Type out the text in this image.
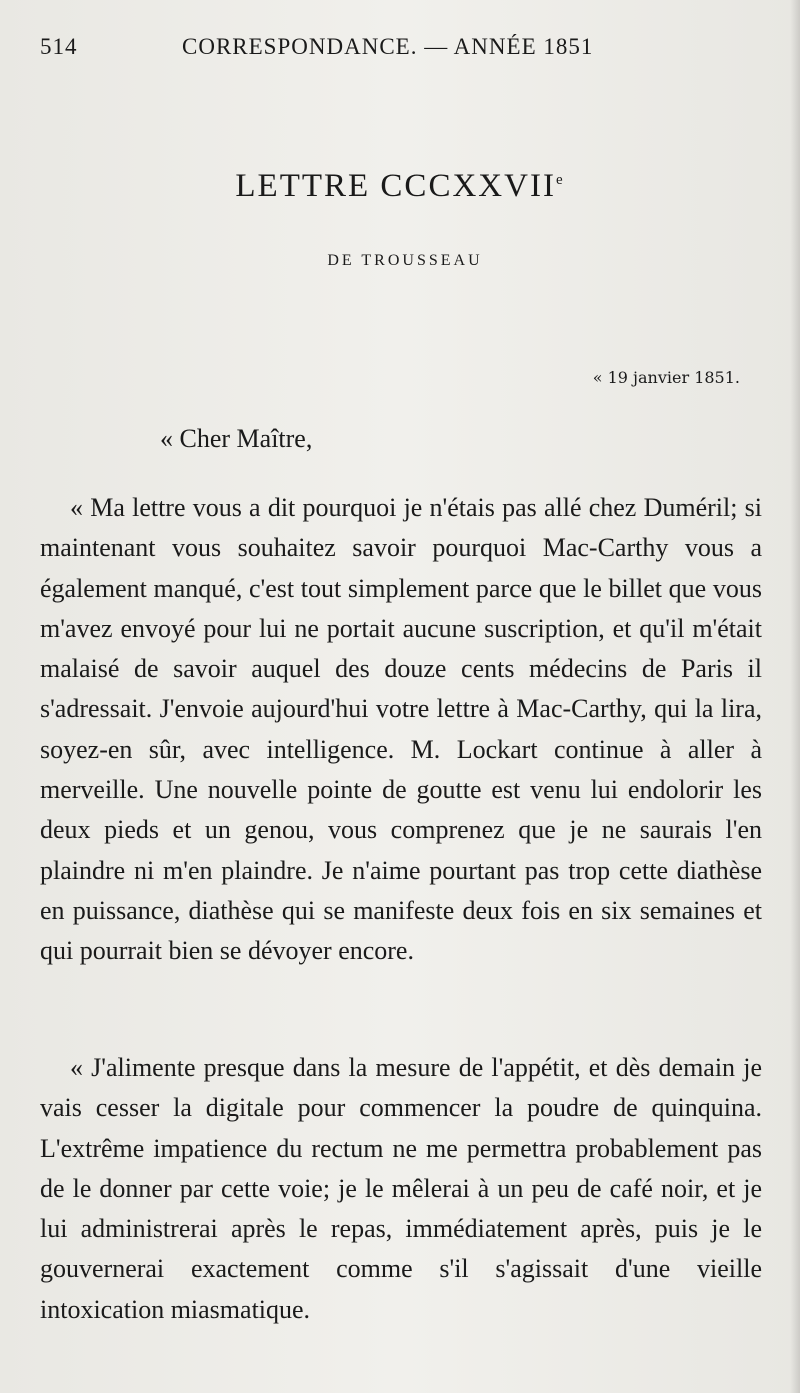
514	CORRESPONDANCE. — ANNÉE 1851
LETTRE CCCXXVIIe
DE TROUSSEAU
« 19 janvier 1851.
« Cher Maître,
« Ma lettre vous a dit pourquoi je n'étais pas allé chez Duméril; si maintenant vous souhaitez savoir pourquoi Mac-Carthy vous a également manqué, c'est tout simplement parce que le billet que vous m'avez envoyé pour lui ne portait aucune suscription, et qu'il m'était malaisé de savoir auquel des douze cents médecins de Paris il s'adressait. J'envoie aujourd'hui votre lettre à Mac-Carthy, qui la lira, soyez-en sûr, avec intelligence. M. Lockart continue à aller à merveille. Une nouvelle pointe de goutte est venu lui endolorir les deux pieds et un genou, vous comprenez que je ne saurais l'en plaindre ni m'en plaindre. Je n'aime pourtant pas trop cette diathèse en puissance, diathèse qui se manifeste deux fois en six semaines et qui pourrait bien se dévoyer encore.
« J'alimente presque dans la mesure de l'appétit, et dès demain je vais cesser la digitale pour commencer la poudre de quinquina. L'extrême impatience du rectum ne me permettra probablement pas de le donner par cette voie; je le mêlerai à un peu de café noir, et je lui administrerai après le repas, immédiatement après, puis je le gouvernerai exactement comme s'il s'agissait d'une vieille intoxication miasmatique.
